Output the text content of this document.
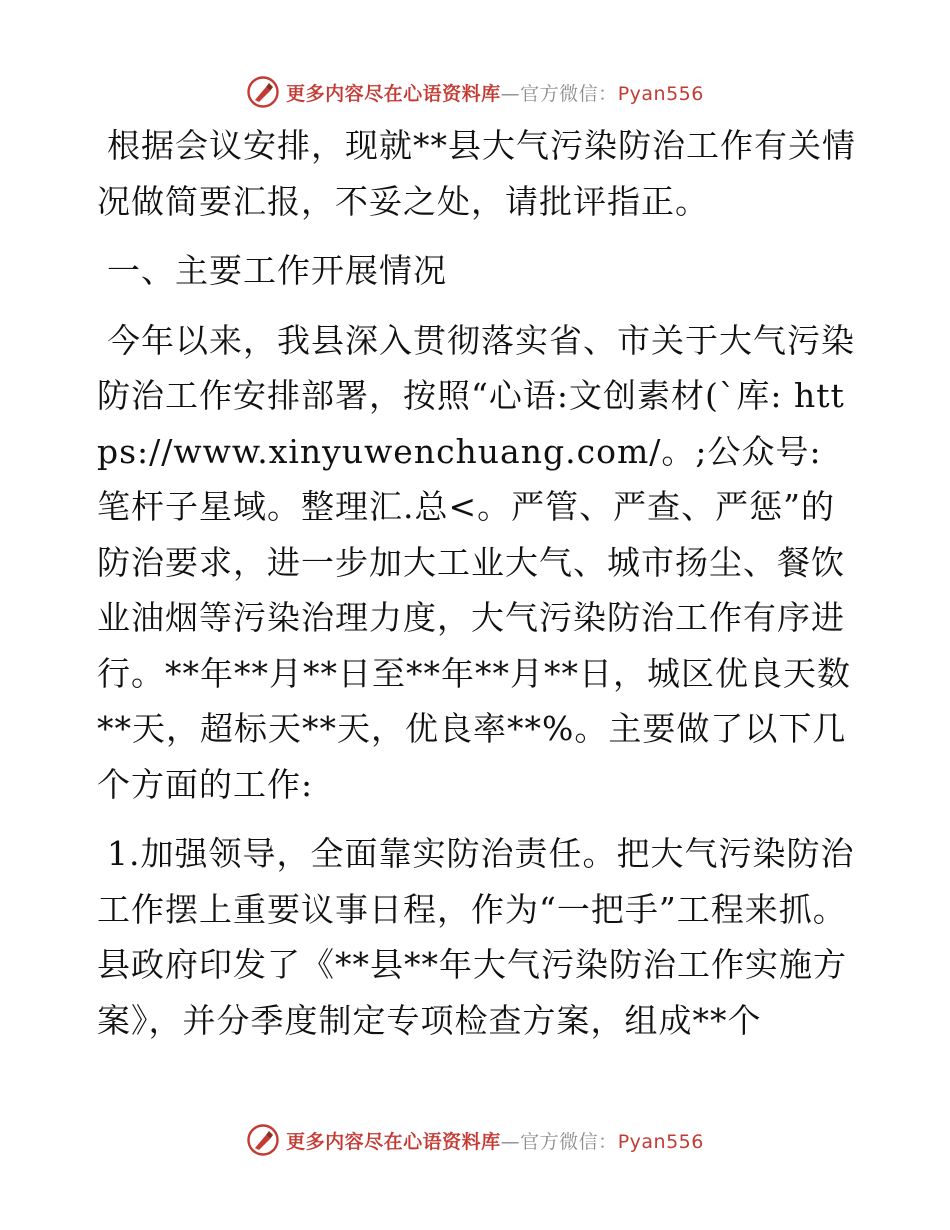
更多内容尽在心语资料库—官方微信：Pyan556

根据会议安排，现就**县大气污染防治工作有关情况做简要汇报，不妥之处，请批评指正。

一、主要工作开展情况

今年以来，我县深入贯彻落实省、市关于大气污染防治工作安排部署，按照“心语:文创素材(`库: https://www.xinyuwenchuang.com/。;公众号: 笔杆子星域。整理汇.总<。严管、严查、严惩”的防治要求，进一步加大工业大气、城市扬尘、餐饮业油烟等污染治理力度，大气污染防治工作有序进行。**年**月**日至**年**月**日，城区优良天数**天，超标天**天，优良率**%。主要做了以下几个方面的工作:

1.加强领导，全面靠实防治责任。把大气污染防治工作摆上重要议事日程，作为“一把手”工程来抓。县政府印发了《**县**年大气污染防治工作实施方案》，并分季度制定专项检查方案，组成**个

更多内容尽在心语资料库—官方微信：Pyan556
